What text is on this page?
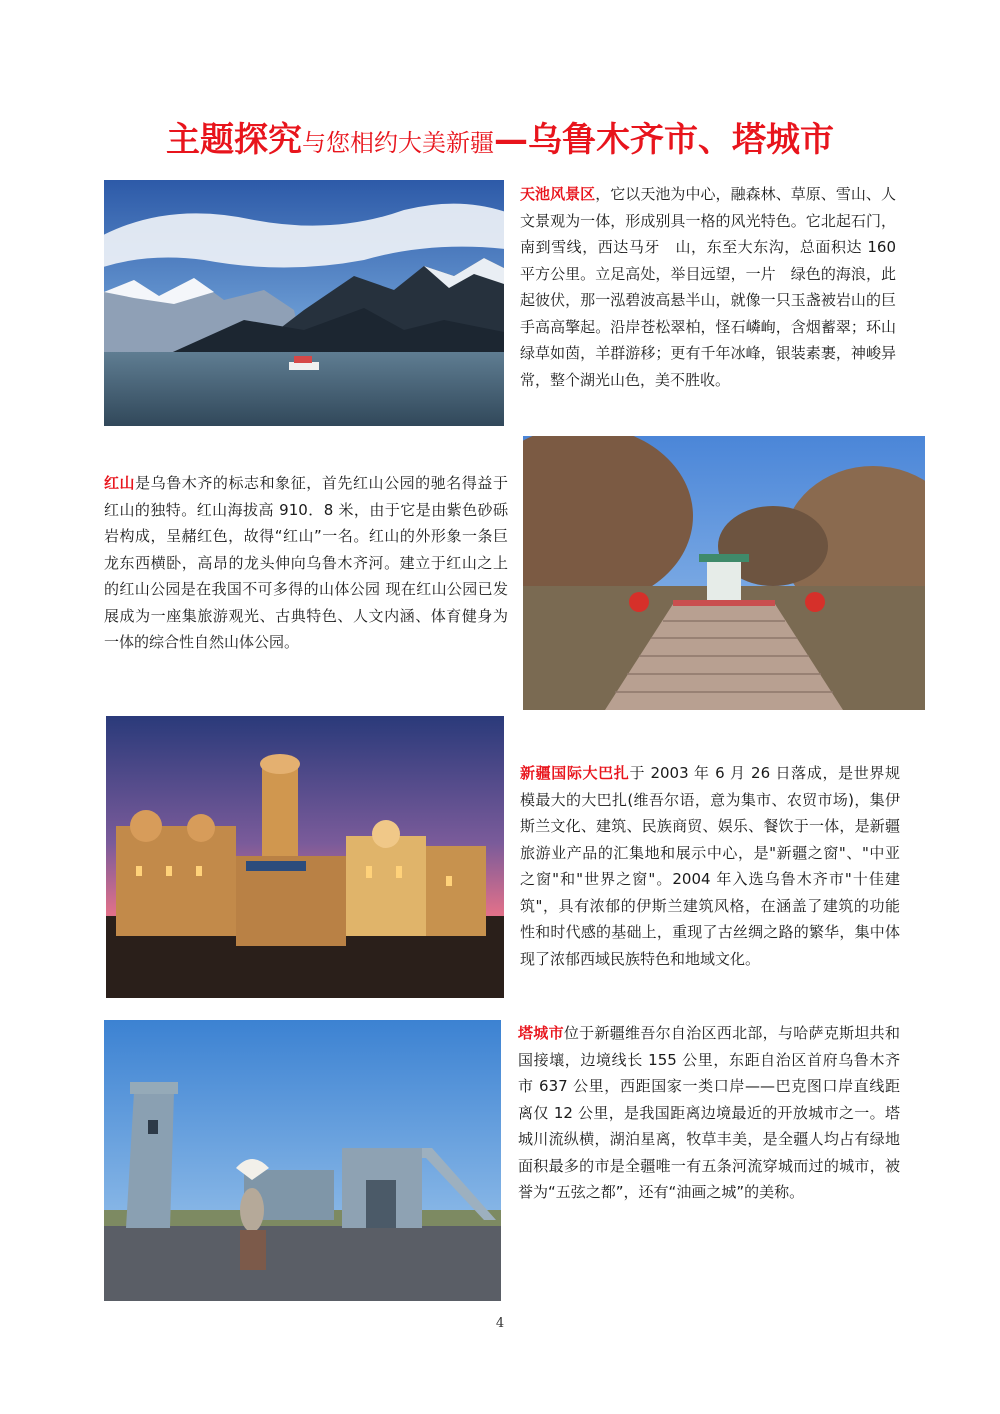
主题探究与您相约大美新疆—乌鲁木齐市、塔城市

天池风景区，它以天池为中心，融森林、草原、雪山、人文景观为一体，形成别具一格的风光特色。它北起石门，南到雪线，西达马牙　山，东至大东沟，总面积达 160 平方公里。立足高处，举目远望，一片　绿色的海浪，此起彼伏，那一泓碧波高悬半山，就像一只玉盏被岩山的巨手高高擎起。沿岸苍松翠柏，怪石嶙峋，含烟蓄翠；环山绿草如茵，羊群游移；更有千年冰峰，银装素裹，神峻异常，整个湖光山色，美不胜收。

红山是乌鲁木齐的标志和象征，首先红山公园的驰名得益于红山的独特。红山海拔高 910．8 米，由于它是由紫色砂砾岩构成，呈赭红色，故得“红山”一名。红山的外形象一条巨龙东西横卧，高昂的龙头伸向乌鲁木齐河。建立于红山之上的红山公园是在我国不可多得的山体公园 现在红山公园已发展成为一座集旅游观光、古典特色、人文内涵、体育健身为一体的综合性自然山体公园。

新疆国际大巴扎于 2003 年 6 月 26 日落成，是世界规模最大的大巴扎(维吾尔语，意为集市、农贸市场)，集伊斯兰文化、建筑、民族商贸、娱乐、餐饮于一体，是新疆旅游业产品的汇集地和展示中心，是"新疆之窗"、"中亚之窗"和"世界之窗"。2004 年入选乌鲁木齐市"十佳建筑"，具有浓郁的伊斯兰建筑风格，在涵盖了建筑的功能性和时代感的基础上，重现了古丝绸之路的繁华，集中体现了浓郁西域民族特色和地域文化。

塔城市位于新疆维吾尔自治区西北部，与哈萨克斯坦共和国接壤，边境线长 155 公里，东距自治区首府乌鲁木齐市 637 公里，西距国家一类口岸——巴克图口岸直线距离仅 12 公里，是我国距离边境最近的开放城市之一。塔城川流纵横，湖泊星离，牧草丰美，是全疆人均占有绿地面积最多的市是全疆唯一有五条河流穿城而过的城市，被誉为“五弦之都”，还有“油画之城”的美称。

4
